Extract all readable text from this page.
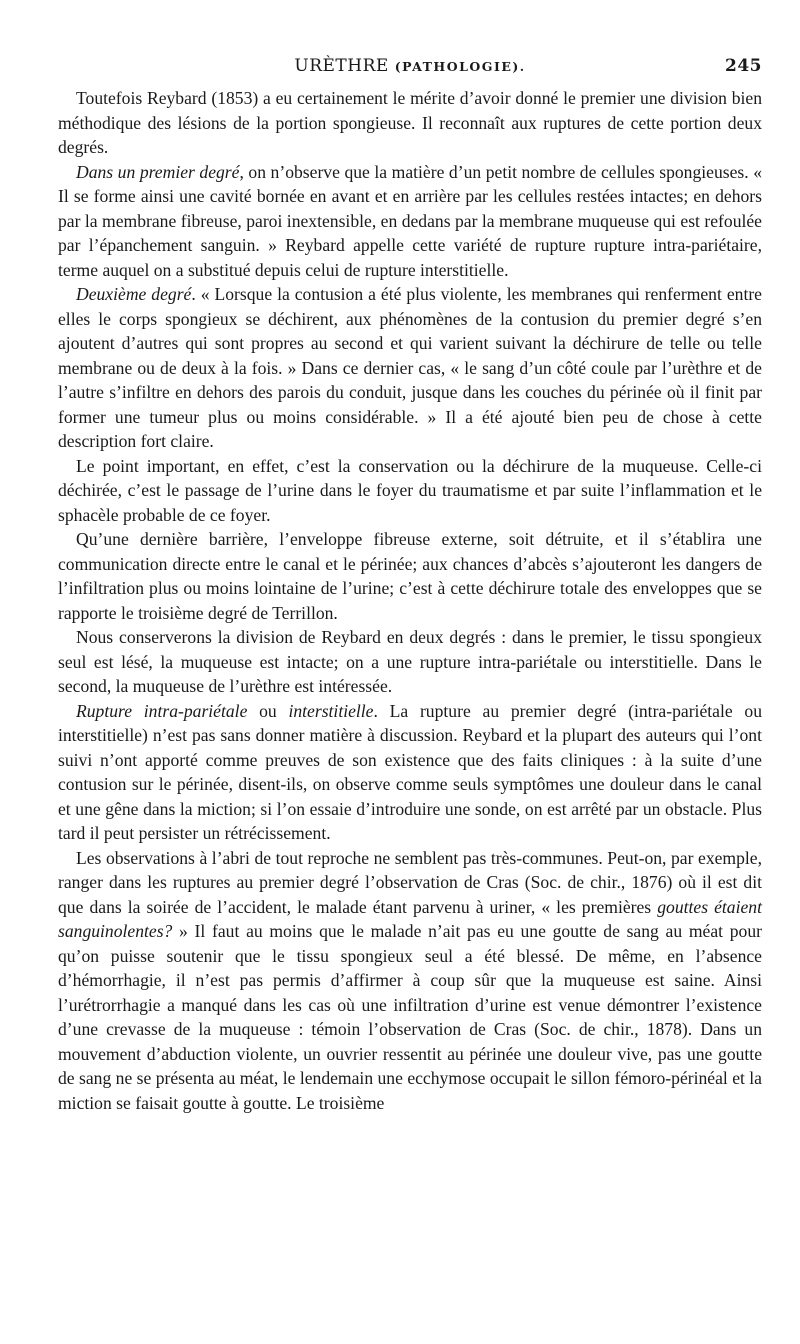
URÈTHRE (PATHOLOGIE).	245

Toutefois Reybard (1853) a eu certainement le mérite d’avoir donné le premier une division bien méthodique des lésions de la portion spongieuse. Il reconnaît aux ruptures de cette portion deux degrés.

Dans un premier degré, on n’observe que la matière d’un petit nombre de cellules spongieuses. « Il se forme ainsi une cavité bornée en avant et en arrière par les cellules restées intactes; en dehors par la membrane fibreuse, paroi inextensible, en dedans par la membrane muqueuse qui est refoulée par l’épanchement sanguin. » Reybard appelle cette variété de rupture rupture intra-pariétaire, terme auquel on a substitué depuis celui de rupture interstitielle.

Deuxième degré. « Lorsque la contusion a été plus violente, les membranes qui renferment entre elles le corps spongieux se déchirent, aux phénomènes de la contusion du premier degré s’en ajoutent d’autres qui sont propres au second et qui varient suivant la déchirure de telle ou telle membrane ou de deux à la fois. » Dans ce dernier cas, « le sang d’un côté coule par l’urèthre et de l’autre s’infiltre en dehors des parois du conduit, jusque dans les couches du périnée où il finit par former une tumeur plus ou moins considérable. » Il a été ajouté bien peu de chose à cette description fort claire.

Le point important, en effet, c’est la conservation ou la déchirure de la muqueuse. Celle-ci déchirée, c’est le passage de l’urine dans le foyer du traumatisme et par suite l’inflammation et le sphacèle probable de ce foyer.

Qu’une dernière barrière, l’enveloppe fibreuse externe, soit détruite, et il s’établira une communication directe entre le canal et le périnée; aux chances d’abcès s’ajouteront les dangers de l’infiltration plus ou moins lointaine de l’urine; c’est à cette déchirure totale des enveloppes que se rapporte le troisième degré de Terrillon.

Nous conserverons la division de Reybard en deux degrés : dans le premier, le tissu spongieux seul est lésé, la muqueuse est intacte; on a une rupture intra-pariétale ou interstitielle. Dans le second, la muqueuse de l’urèthre est intéressée.

Rupture intra-pariétale ou interstitielle. La rupture au premier degré (intra-pariétale ou interstitielle) n’est pas sans donner matière à discussion. Reybard et la plupart des auteurs qui l’ont suivi n’ont apporté comme preuves de son existence que des faits cliniques : à la suite d’une contusion sur le périnée, disent-ils, on observe comme seuls symptômes une douleur dans le canal et une gêne dans la miction; si l’on essaie d’introduire une sonde, on est arrêté par un obstacle. Plus tard il peut persister un rétrécissement.

Les observations à l’abri de tout reproche ne semblent pas très-communes. Peut-on, par exemple, ranger dans les ruptures au premier degré l’observation de Cras (Soc. de chir., 1876) où il est dit que dans la soirée de l’accident, le malade étant parvenu à uriner, « les premières gouttes étaient sanguinolentes? » Il faut au moins que le malade n’ait pas eu une goutte de sang au méat pour qu’on puisse soutenir que le tissu spongieux seul a été blessé. De même, en l’absence d’hémorrhagie, il n’est pas permis d’affirmer à coup sûr que la muqueuse est saine. Ainsi l’urétrorrhagie a manqué dans les cas où une infiltration d’urine est venue démontrer l’existence d’une crevasse de la muqueuse : témoin l’observation de Cras (Soc. de chir., 1878). Dans un mouvement d’abduction violente, un ouvrier ressentit au périnée une douleur vive, pas une goutte de sang ne se présenta au méat, le lendemain une ecchymose occupait le sillon fémoro-périnéal et la miction se faisait goutte à goutte. Le troisième
